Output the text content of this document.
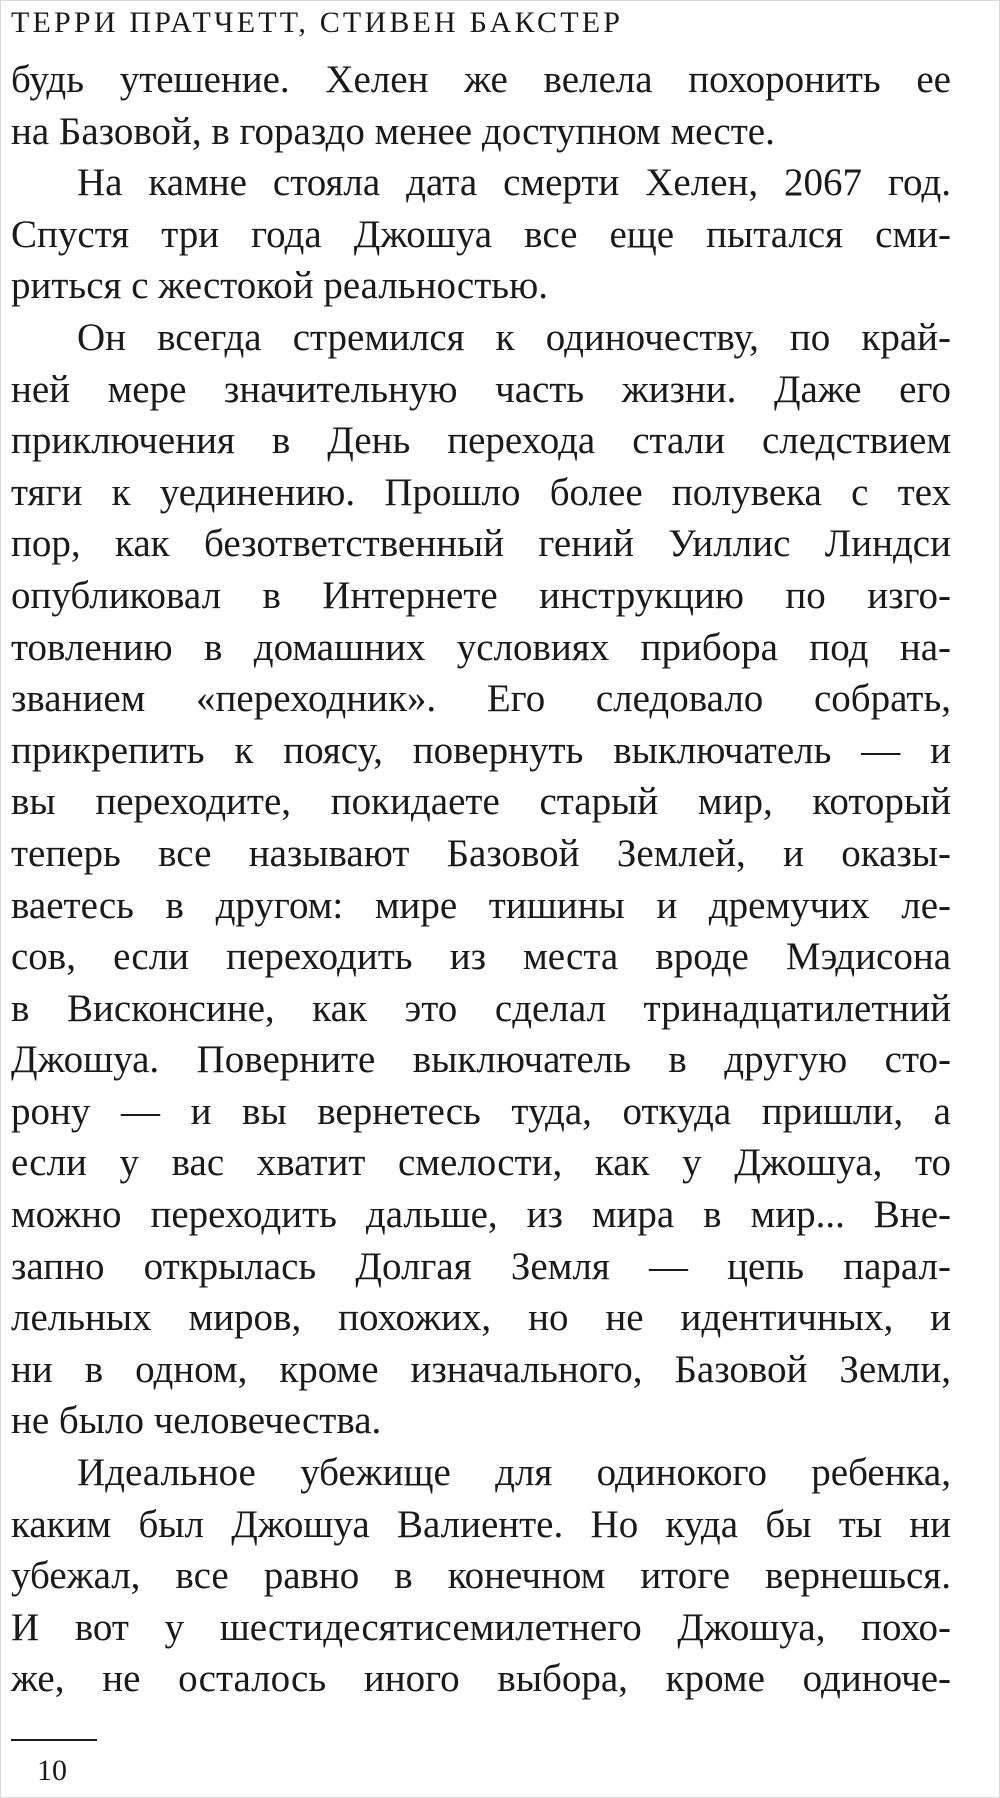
ТЕРРИ ПРАТЧЕТТ, СТИВЕН БАКСТЕР
будь утешение. Хелен же велела похоронить ее
на Базовой, в гораздо менее доступном месте.
На камне стояла дата смерти Хелен, 2067 год.
Спустя три года Джошуа все еще пытался сми-
риться с жестокой реальностью.
Он всегда стремился к одиночеству, по край-
ней мере значительную часть жизни. Даже его
приключения в День перехода стали следствием
тяги к уединению. Прошло более полувека с тех
пор, как безответственный гений Уиллис Линдси
опубликовал в Интернете инструкцию по изго-
товлению в домашних условиях прибора под на-
званием «переходник». Его следовало собрать,
прикрепить к поясу, повернуть выключатель — и
вы переходите, покидаете старый мир, который
теперь все называют Базовой Землей, и оказы-
ваетесь в другом: мире тишины и дремучих ле-
сов, если переходить из места вроде Мэдисона
в Висконсине, как это сделал тринадцатилетний
Джошуа. Поверните выключатель в другую сто-
рону — и вы вернетесь туда, откуда пришли, а
если у вас хватит смелости, как у Джошуа, то
можно переходить дальше, из мира в мир... Вне-
запно открылась Долгая Земля — цепь парал-
лельных миров, похожих, но не идентичных, и
ни в одном, кроме изначального, Базовой Земли,
не было человечества.
Идеальное убежище для одинокого ребенка,
каким был Джошуа Валиенте. Но куда бы ты ни
убежал, все равно в конечном итоге вернешься.
И вот у шестидесятисемилетнего Джошуа, похо-
же, не осталось иного выбора, кроме одиноче-
10
